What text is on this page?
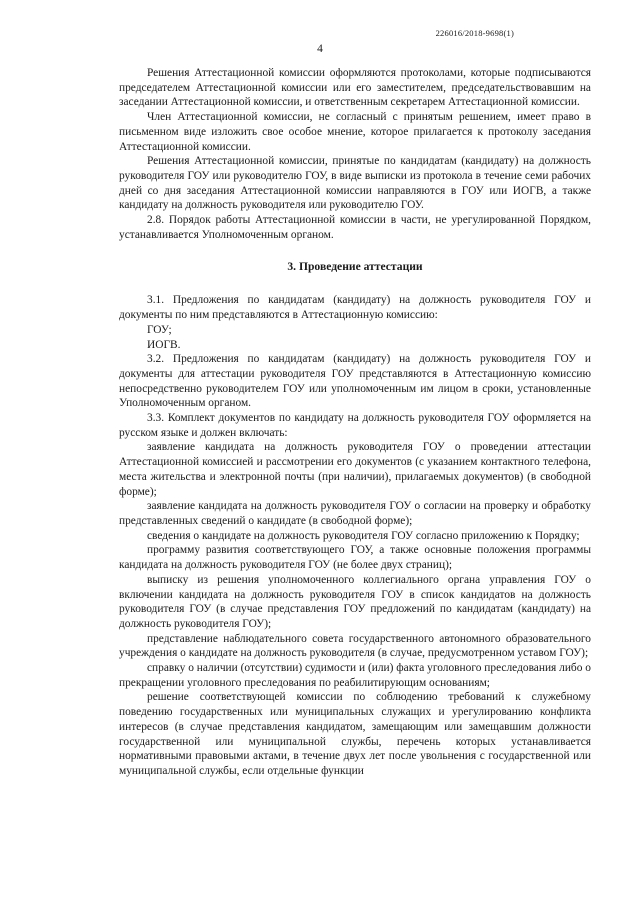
226016/2018-9698(1)
4

Решения Аттестационной комиссии оформляются протоколами, которые подписываются председателем Аттестационной комиссии или его заместителем, председательствовавшим на заседании Аттестационной комиссии, и ответственным секретарем Аттестационной комиссии.

Член Аттестационной комиссии, не согласный с принятым решением, имеет право в письменном виде изложить свое особое мнение, которое прилагается к протоколу заседания Аттестационной комиссии.

Решения Аттестационной комиссии, принятые по кандидатам (кандидату) на должность руководителя ГОУ или руководителю ГОУ, в виде выписки из протокола в течение семи рабочих дней со дня заседания Аттестационной комиссии направляются в ГОУ или ИОГВ, а также кандидату на должность руководителя или руководителю ГОУ.

2.8. Порядок работы Аттестационной комиссии в части, не урегулированной Порядком, устанавливается Уполномоченным органом.

3. Проведение аттестации

3.1. Предложения по кандидатам (кандидату) на должность руководителя ГОУ и документы по ним представляются в Аттестационную комиссию:

ГОУ;

ИОГВ.

3.2. Предложения по кандидатам (кандидату) на должность руководителя ГОУ и документы для аттестации руководителя ГОУ представляются в Аттестационную комиссию непосредственно руководителем ГОУ или уполномоченным им лицом в сроки, установленные Уполномоченным органом.

3.3. Комплект документов по кандидату на должность руководителя ГОУ оформляется на русском языке и должен включать:

заявление кандидата на должность руководителя ГОУ о проведении аттестации Аттестационной комиссией и рассмотрении его документов (с указанием контактного телефона, места жительства и электронной почты (при наличии), прилагаемых документов) (в свободной форме);

заявление кандидата на должность руководителя ГОУ о согласии на проверку и обработку представленных сведений о кандидате (в свободной форме);

сведения о кандидате на должность руководителя ГОУ согласно приложению к Порядку;

программу развития соответствующего ГОУ, а также основные положения программы кандидата на должность руководителя ГОУ (не более двух страниц);

выписку из решения уполномоченного коллегиального органа управления ГОУ о включении кандидата на должность руководителя ГОУ в список кандидатов на должность руководителя ГОУ (в случае представления ГОУ предложений по кандидатам (кандидату) на должность руководителя ГОУ);

представление наблюдательного совета государственного автономного образовательного учреждения о кандидате на должность руководителя (в случае, предусмотренном уставом ГОУ);

справку о наличии (отсутствии) судимости и (или) факта уголовного преследования либо о прекращении уголовного преследования по реабилитирующим основаниям;

решение соответствующей комиссии по соблюдению требований к служебному поведению государственных или муниципальных служащих и урегулированию конфликта интересов (в случае представления кандидатом, замещающим или замещавшим должности государственной или муниципальной службы, перечень которых устанавливается нормативными правовыми актами, в течение двух лет после увольнения с государственной или муниципальной службы, если отдельные функции
